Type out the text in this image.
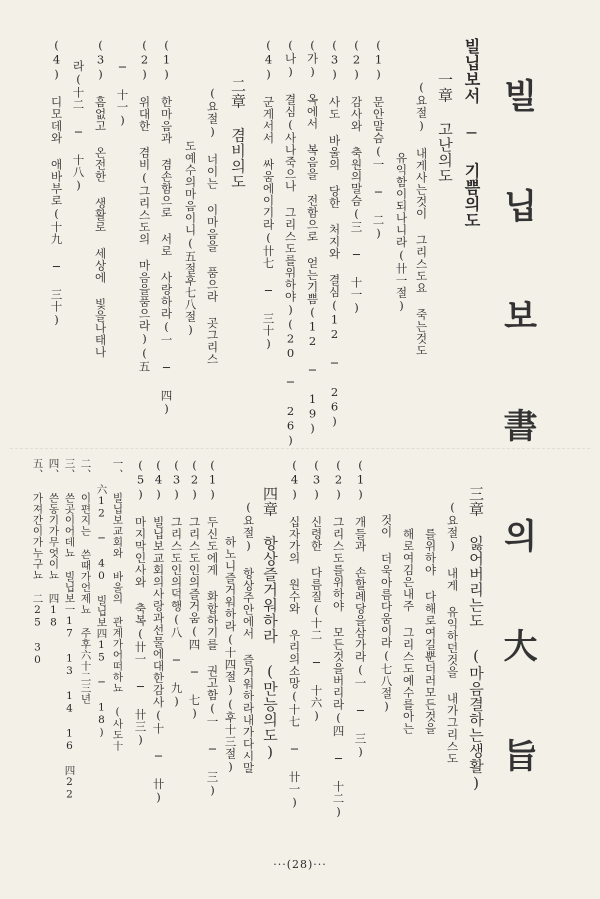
빌 닙 보 書 의 大 旨
빌닙보서 ─ 기쁨의도
一章 고난의도
(요절) 내게사는것이 그리스도요 죽는것도
유익함이되나니라(卄一절)
(1) 문안말슴(一 ─ 二)
(2) 감사와 축원의말슴(三 ─ 十一)
(3) 사도 바울의 당한 처지와 결심(12 ─ 26)
(가) 옥에서 복음을 전함으로 얻는기쁨(12 ─ 19)
(나) 결심(사나죽으나 그리스도를위하야)(20 ─ 26)
(4) 군게서서 싸움에이기라(卄七 ─ 三十)
二章 겸비의도
(요절) 너이는 이마음을 품으라 곳그리스
도예수의마음이니(五절후七八절)
(1) 한마음과 겸손함으로 서로 사랑하라(一 ─ 四)
(2) 위대한 겸비(그리스도의 마음을품으라)(五
─ 十一)
(3) 흠없고 온전한 생활로 세상에 빛을나태나
라(十二 ─ 十八)
(4) 디모데와 애바부로(十九 ─ 三十)
三章 잃어버리는도 (마음결하는생활)
(요절) 내게 유익하던것을 내가그리스도
를위하야 다해로여길뿐더러모든것을
해로여김은내주 그리스도예수를아는
것이 더욱아름다움이라(七八절)
(1) 개들과 손할례당을삼가라(一 ─ 三)
(2) 그리스도를위하야 모든것을버리라(四 ─ 十二)
(3) 신령한 다름질(十二 ─ 十六)
(4) 십자가의 원수와 우리의소망(十七 ─ 卄一)
四章 항상즐거워하라 (만능의도)
(요절) 항상주안에서 즐거워하라내가다시말
하노니즐거워하라(十四절)(후十三절)
(1) 두신도에게 화합하기를 권고함(一 ─ 三)
(2) 그리스도인의즐거움(四 ─ 七)
(3) 그리스도인의덕행(八 ─ 九)
(4) 빌닙보교회의사랑과선물에대한감사(十 ─ 卄)
(5) 마지막인사와 축복(卄一 ─ 卄三)
一、 빌닙보교회와 바울의 관계가어떠하뇨 (사도十
六12 ─ 40 빌닙보四15 ─ 18)
二、 이편지는 쓴때가언제뇨 주후六十二三년
三、 쓴곳이어데뇨 빌닙보一17 13 14 16 四22
四、 쓴동기가무엇이뇨 四18
五、 가져간이가누구뇨 二25 30
···(28)···
